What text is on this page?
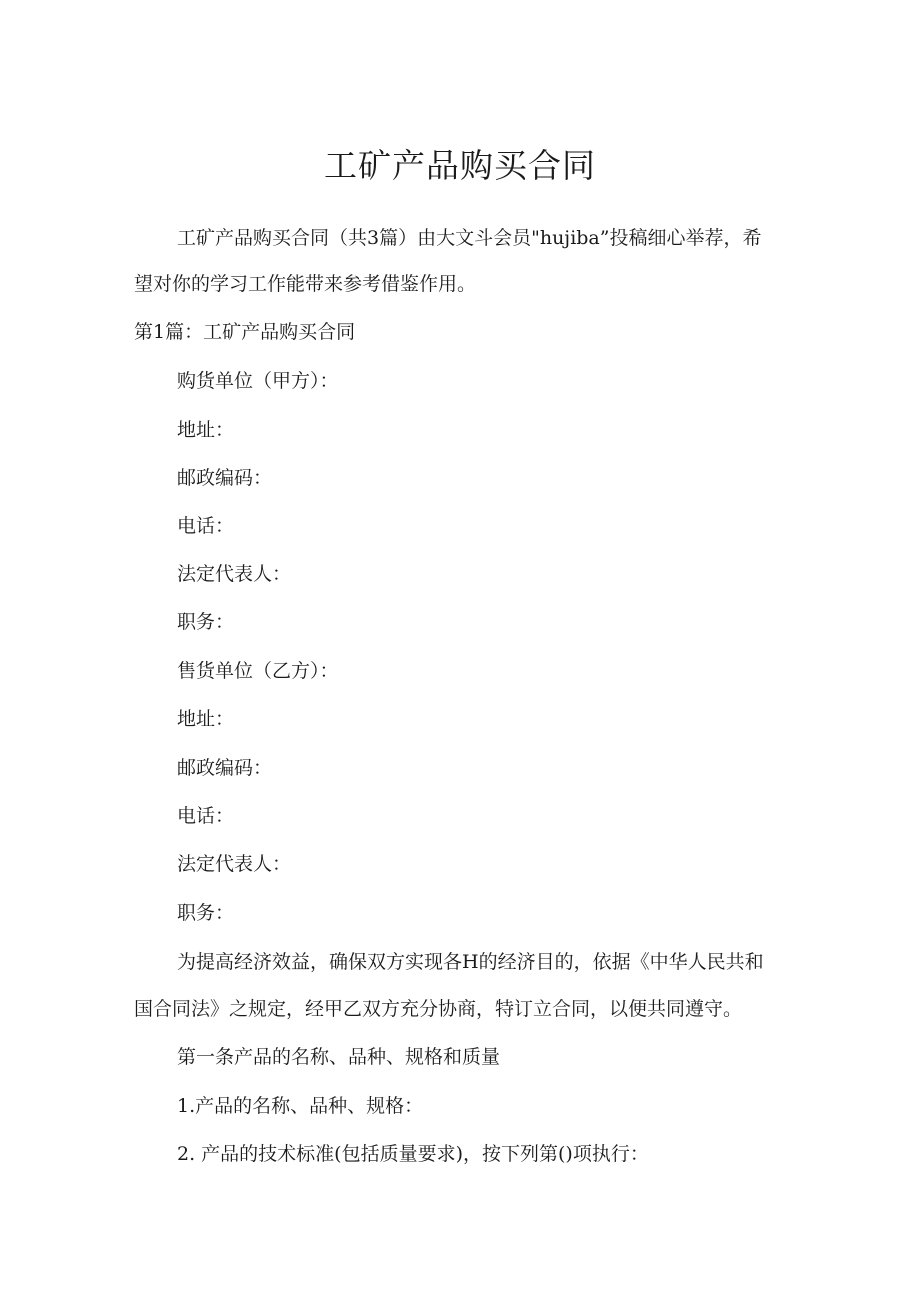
工矿产品购买合同
工矿产品购买合同（共3篇）由大文斗会员"hujiba”投稿细心举荐，希
望对你的学习工作能带来参考借鉴作用。
第1篇：工矿产品购买合同
购货单位（甲方）：
地址：
邮政编码：
电话：
法定代表人：
职务：
售货单位（乙方）：
地址：
邮政编码：
电话：
法定代表人：
职务：
为提高经济效益，确保双方实现各H的经济目的，依据《中华人民共和
国合同法》之规定，经甲乙双方充分协商，特订立合同，以便共同遵守。
第一条产品的名称、品种、规格和质量
1.产品的名称、品种、规格：
2. 产品的技术标准(包括质量要求)，按下列第()项执行：
